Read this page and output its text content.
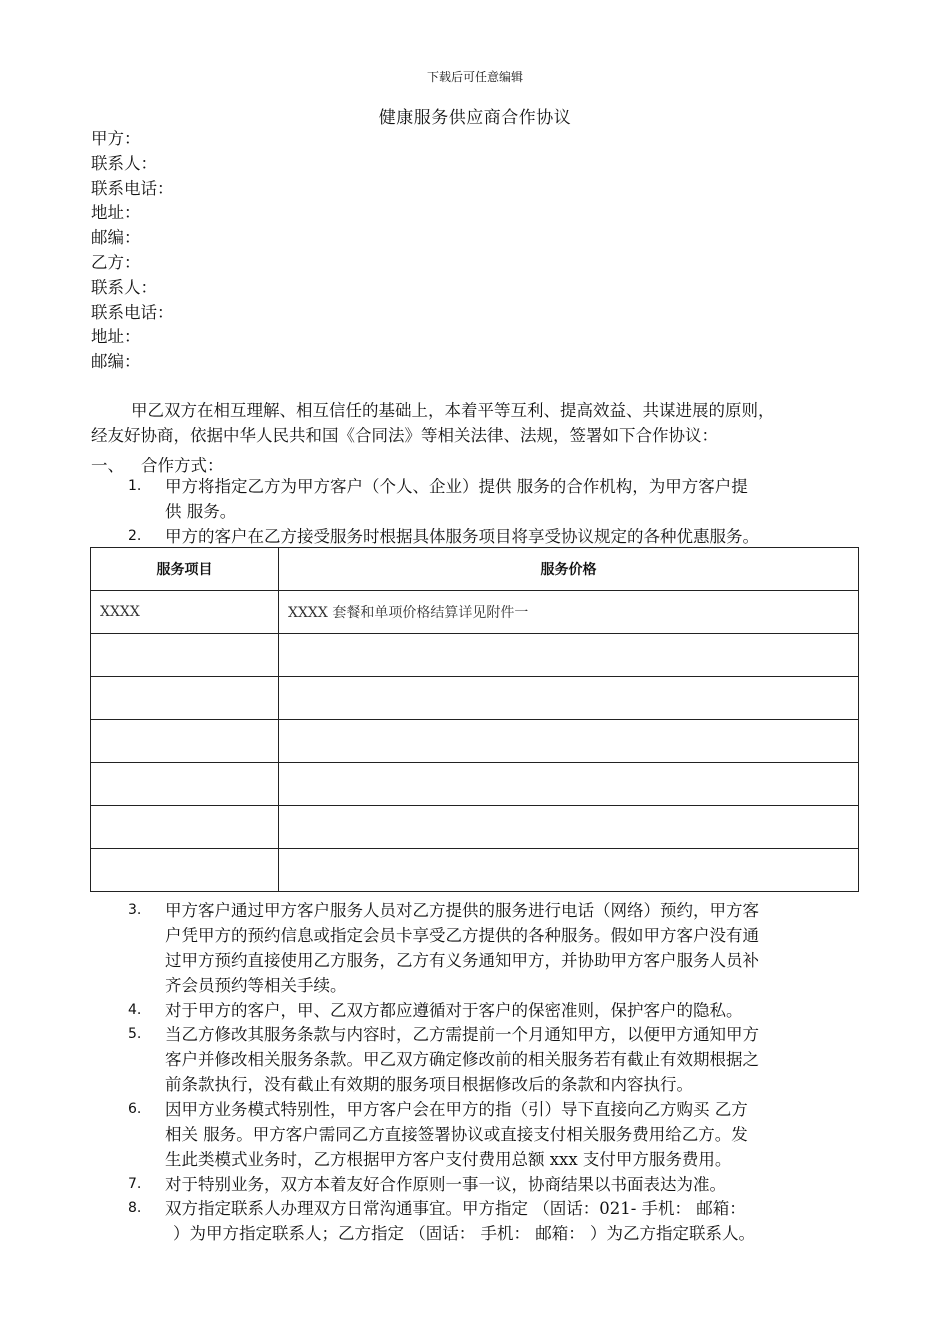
下载后可任意编辑
健康服务供应商合作协议
甲方：
联系人：
联系电话：
地址：
邮编：
乙方：
联系人：
联系电话：
地址：
邮编：
甲乙双方在相互理解、相互信任的基础上，本着平等互利、提高效益、共谋进展的原则，
经友好协商，依据中华人民共和国《合同法》等相关法律、法规，签署如下合作协议：
一、 合作方式：
1. 甲方将指定乙方为甲方客户（个人、企业）提供 服务的合作机构，为甲方客户提
供 服务。
2. 甲方的客户在乙方接受服务时根据具体服务项目将享受协议规定的各种优惠服务。
服务项目	服务价格
XXXX	XXXX 套餐和单项价格结算详见附件一

3. 甲方客户通过甲方客户服务人员对乙方提供的服务进行电话（网络）预约，甲方客
户凭甲方的预约信息或指定会员卡享受乙方提供的各种服务。假如甲方客户没有通
过甲方预约直接使用乙方服务，乙方有义务通知甲方，并协助甲方客户服务人员补
齐会员预约等相关手续。
4. 对于甲方的客户，甲、乙双方都应遵循对于客户的保密准则，保护客户的隐私。
5. 当乙方修改其服务条款与内容时，乙方需提前一个月通知甲方，以便甲方通知甲方
客户并修改相关服务条款。甲乙双方确定修改前的相关服务若有截止有效期根据之
前条款执行，没有截止有效期的服务项目根据修改后的条款和内容执行。
6. 因甲方业务模式特别性，甲方客户会在甲方的指（引）导下直接向乙方购买 乙方
相关 服务。甲方客户需同乙方直接签署协议或直接支付相关服务费用给乙方。发
生此类模式业务时，乙方根据甲方客户支付费用总额 xxx 支付甲方服务费用。
7. 对于特别业务，双方本着友好合作原则一事一议，协商结果以书面表达为准。
8. 双方指定联系人办理双方日常沟通事宜。甲方指定 （固话：021- 手机： 邮箱：
）为甲方指定联系人；乙方指定 （固话： 手机： 邮箱： ）为乙方指定联系人。
